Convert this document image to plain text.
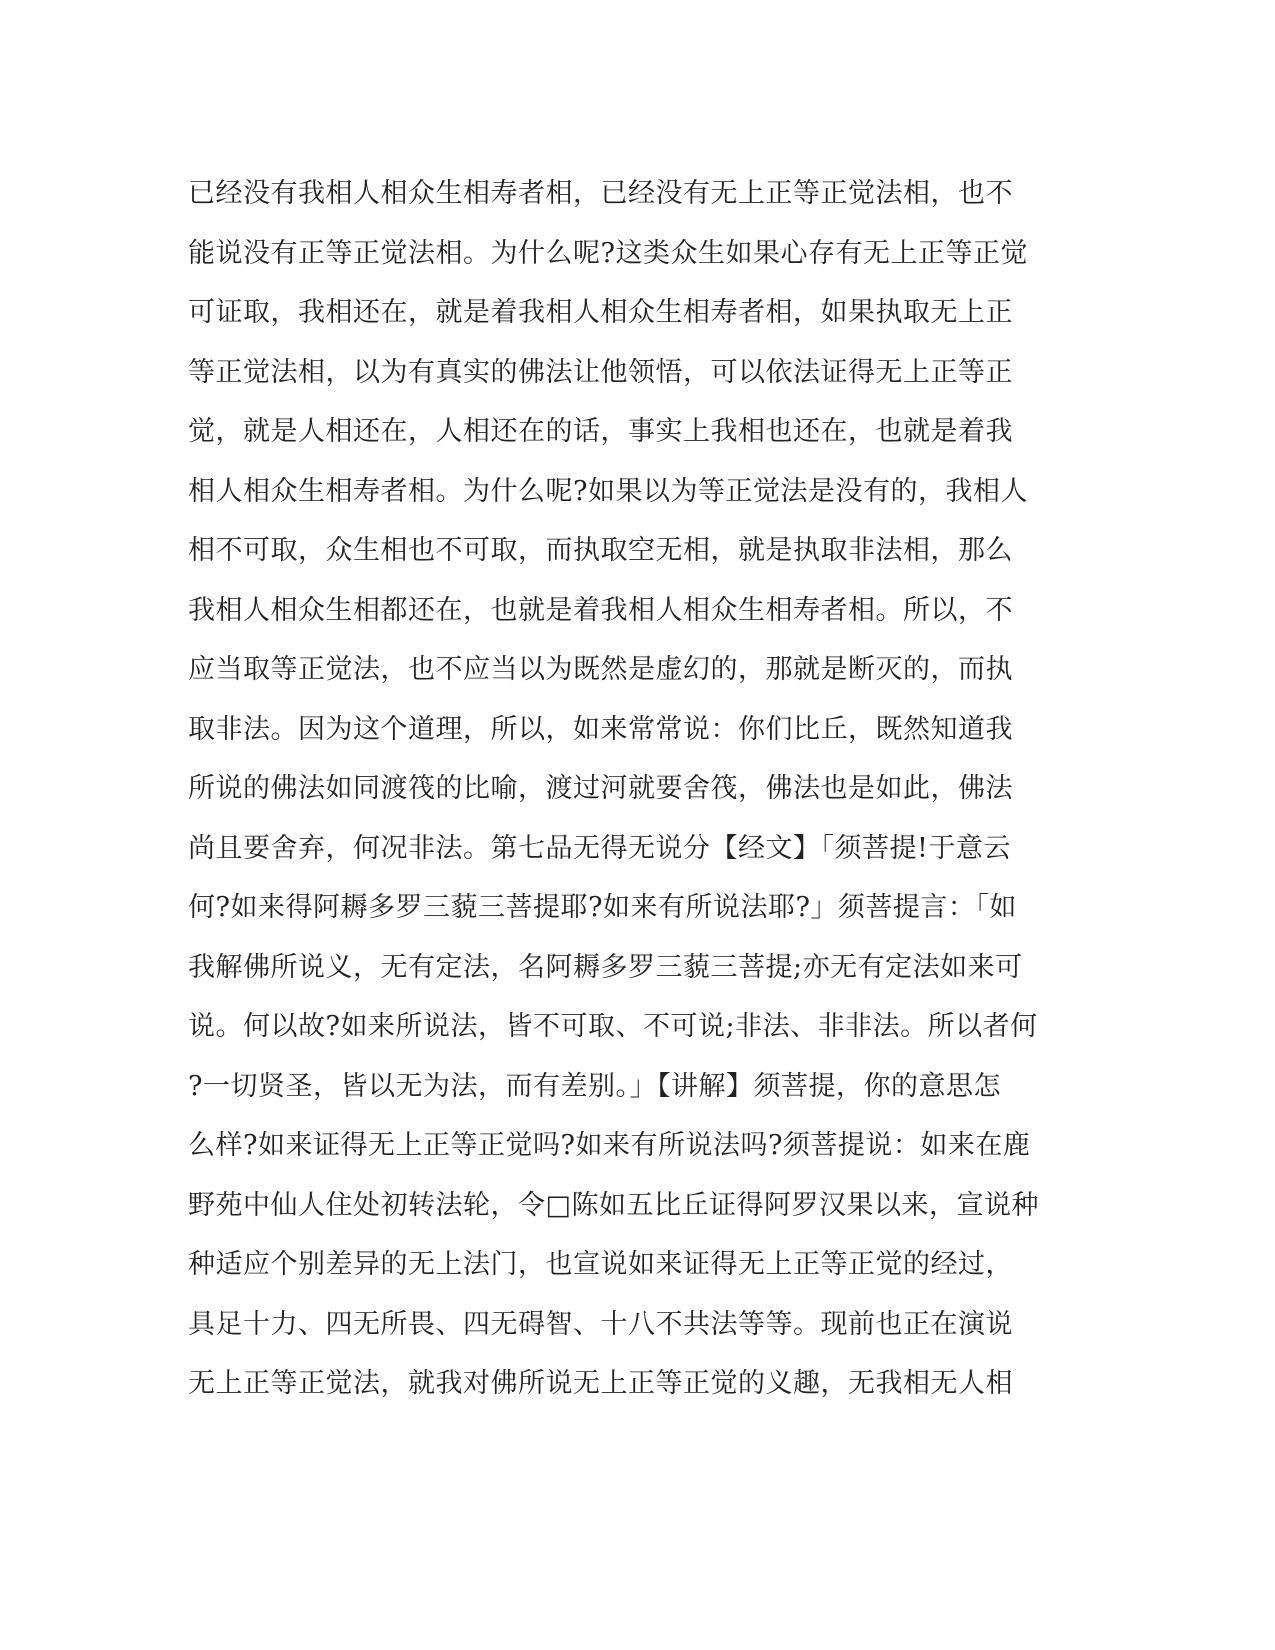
已经没有我相人相众生相寿者相，已经没有无上正等正觉法相，也不
能说没有正等正觉法相。为什么呢?这类众生如果心存有无上正等正觉
可证取，我相还在，就是着我相人相众生相寿者相，如果执取无上正
等正觉法相，以为有真实的佛法让他领悟，可以依法证得无上正等正
觉，就是人相还在，人相还在的话，事实上我相也还在，也就是着我
相人相众生相寿者相。为什么呢?如果以为等正觉法是没有的，我相人
相不可取，众生相也不可取，而执取空无相，就是执取非法相，那么
我相人相众生相都还在，也就是着我相人相众生相寿者相。所以，不
应当取等正觉法，也不应当以为既然是虚幻的，那就是断灭的，而执
取非法。因为这个道理，所以，如来常常说：你们比丘，既然知道我
所说的佛法如同渡筏的比喻，渡过河就要舍筏，佛法也是如此，佛法
尚且要舍弃，何况非法。第七品无得无说分【经文】「须菩提!于意云
何?如来得阿耨多罗三藐三菩提耶?如来有所说法耶?」须菩提言：「如
我解佛所说义，无有定法，名阿耨多罗三藐三菩提;亦无有定法如来可
说。何以故?如来所说法，皆不可取、不可说;非法、非非法。所以者何
?一切贤圣，皆以无为法，而有差别。」【讲解】须菩提，你的意思怎
么样?如来证得无上正等正觉吗?如来有所说法吗?须菩提说：如来在鹿
野苑中仙人住处初转法轮，令□陈如五比丘证得阿罗汉果以来，宣说种
种适应个别差异的无上法门，也宣说如来证得无上正等正觉的经过，
具足十力、四无所畏、四无碍智、十八不共法等等。现前也正在演说
无上正等正觉法，就我对佛所说无上正等正觉的义趣，无我相无人相
